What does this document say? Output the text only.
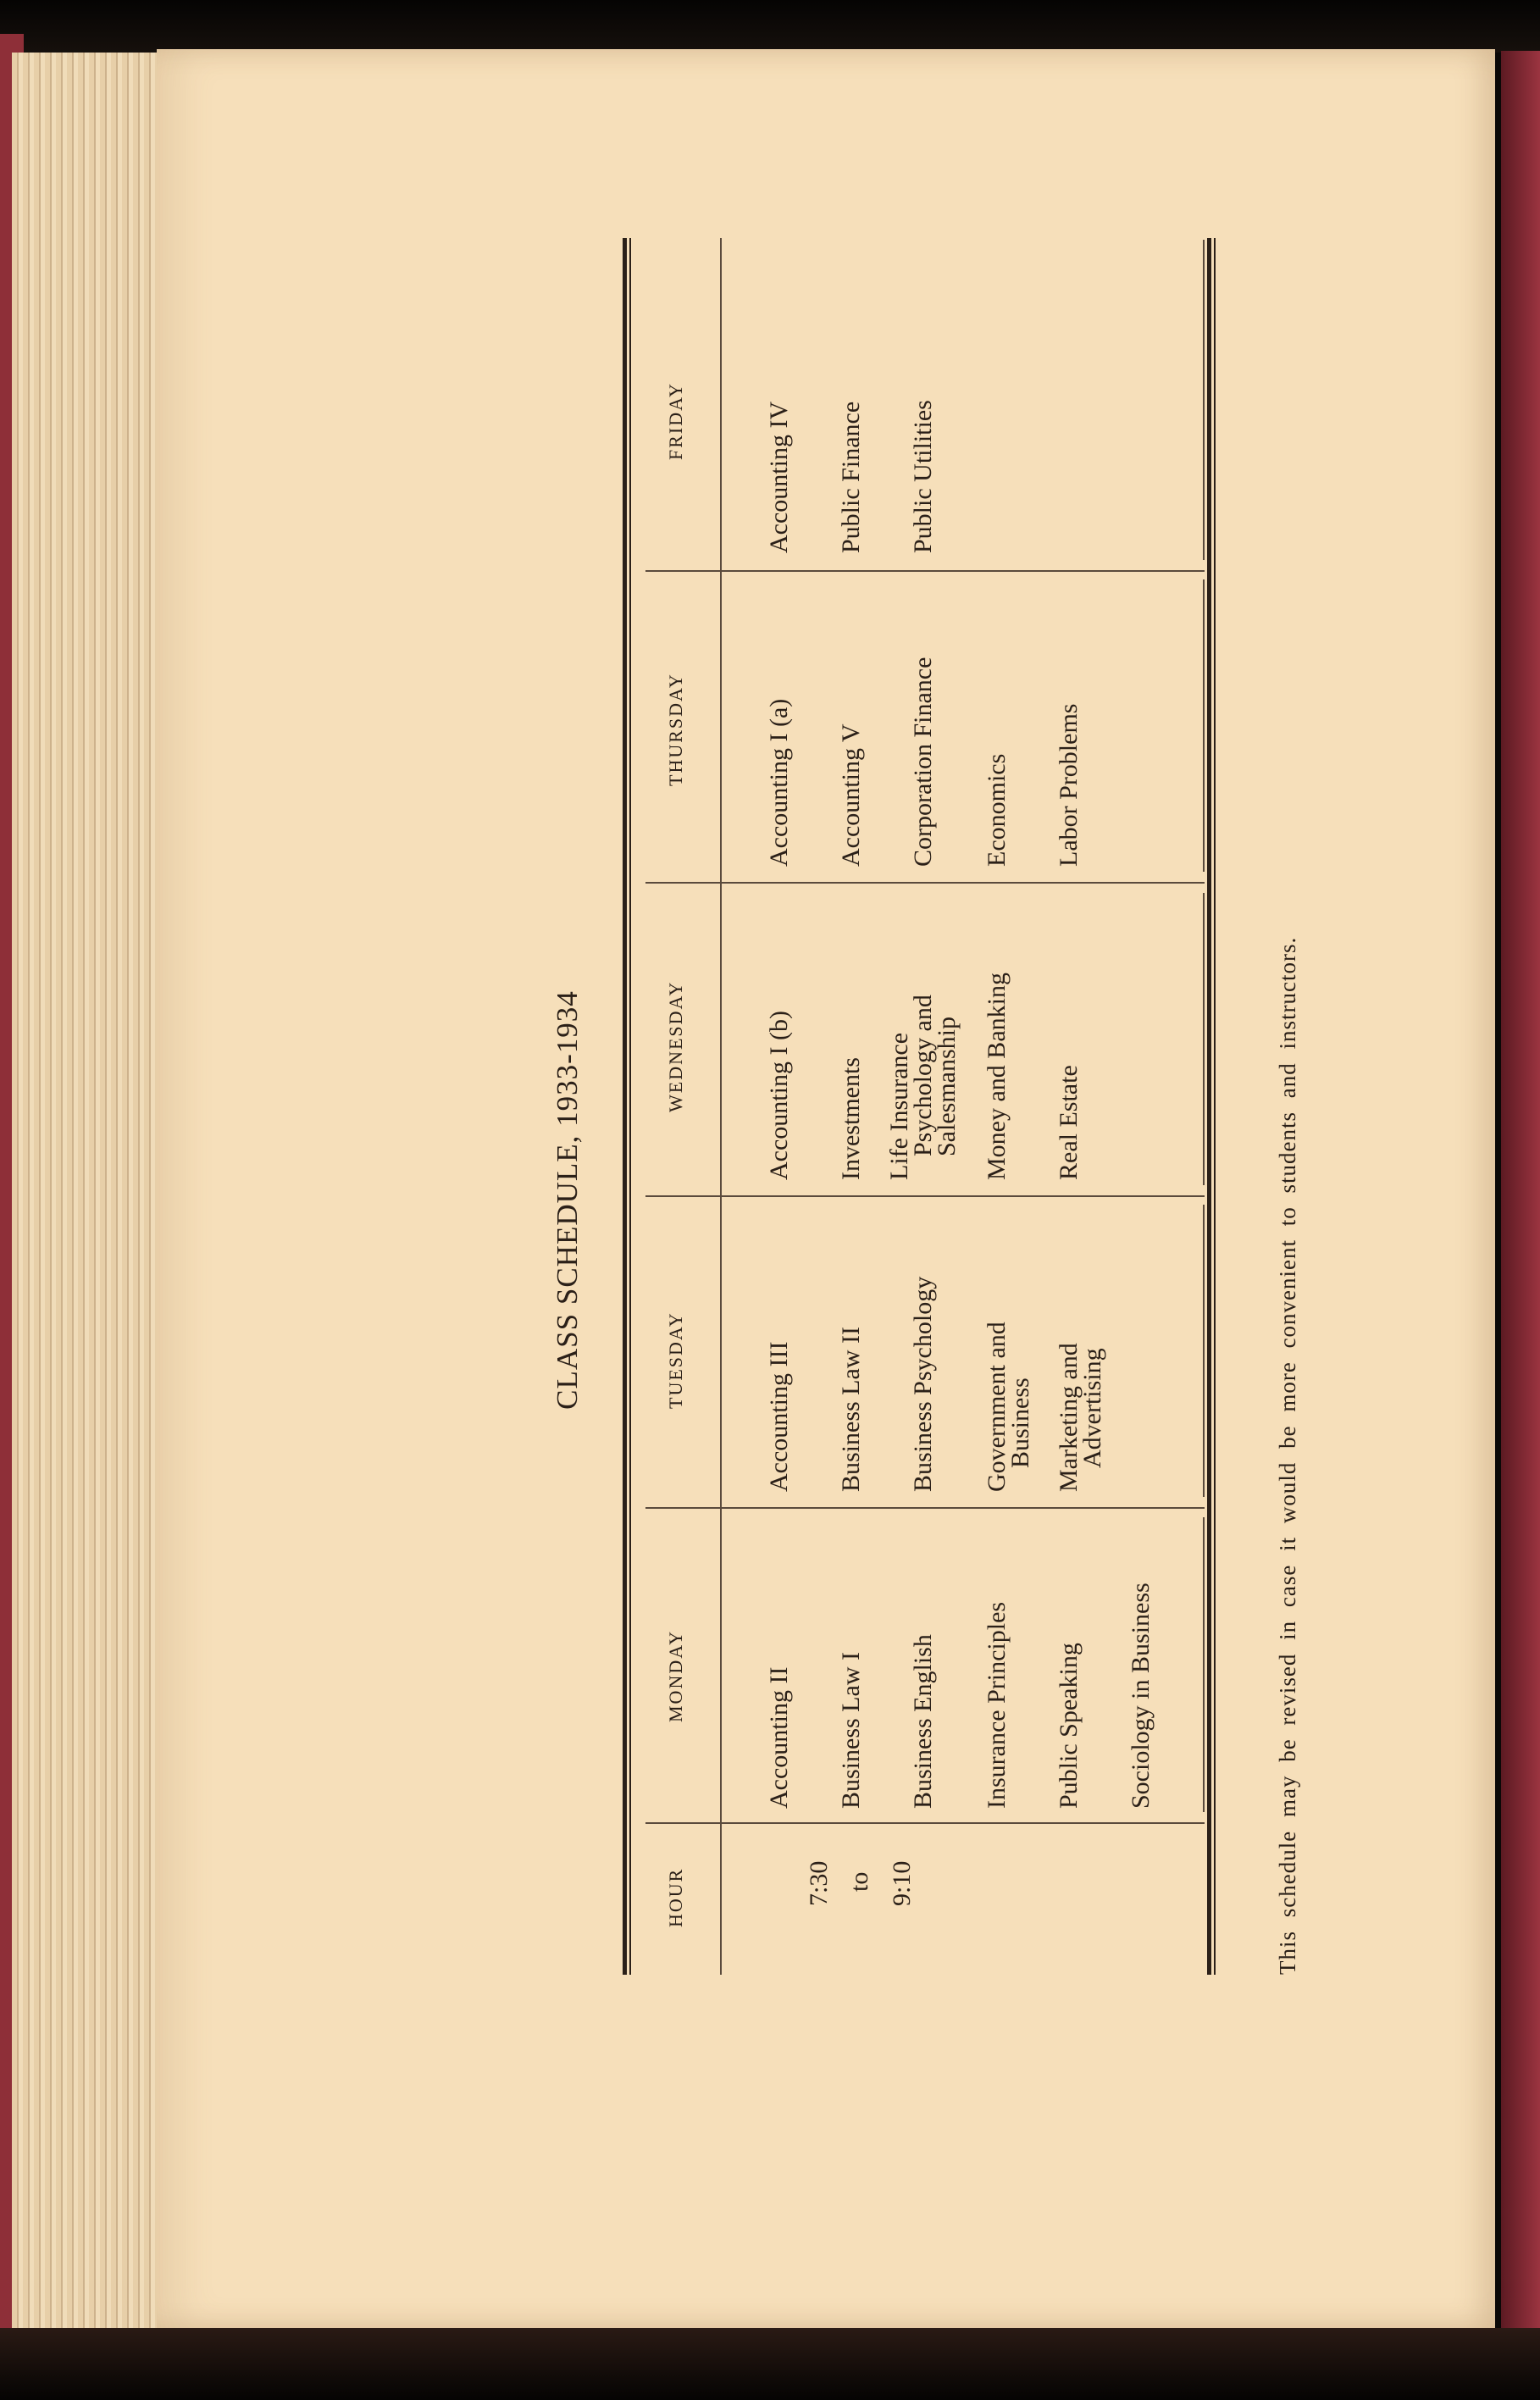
CLASS SCHEDULE, 1933-1934
HOUR
MONDAY
TUESDAY
WEDNESDAY
THURSDAY
FRIDAY
7:30 to 9:10
Accounting II Business Law I Business English Insurance Principles Public Speaking Sociology in Business
Accounting III Business Law II Business Psychology Government and
Business Marketing and
Advertising
Accounting I (b) Investments Life Insurance
Psychology and
Salesmanship Money and Banking Real Estate
Accounting I (a) Accounting V Corporation Finance Economics Labor Problems
Accounting IV Public Finance Public Utilities
This schedule may be revised in case it would be more convenient to students and instructors.
